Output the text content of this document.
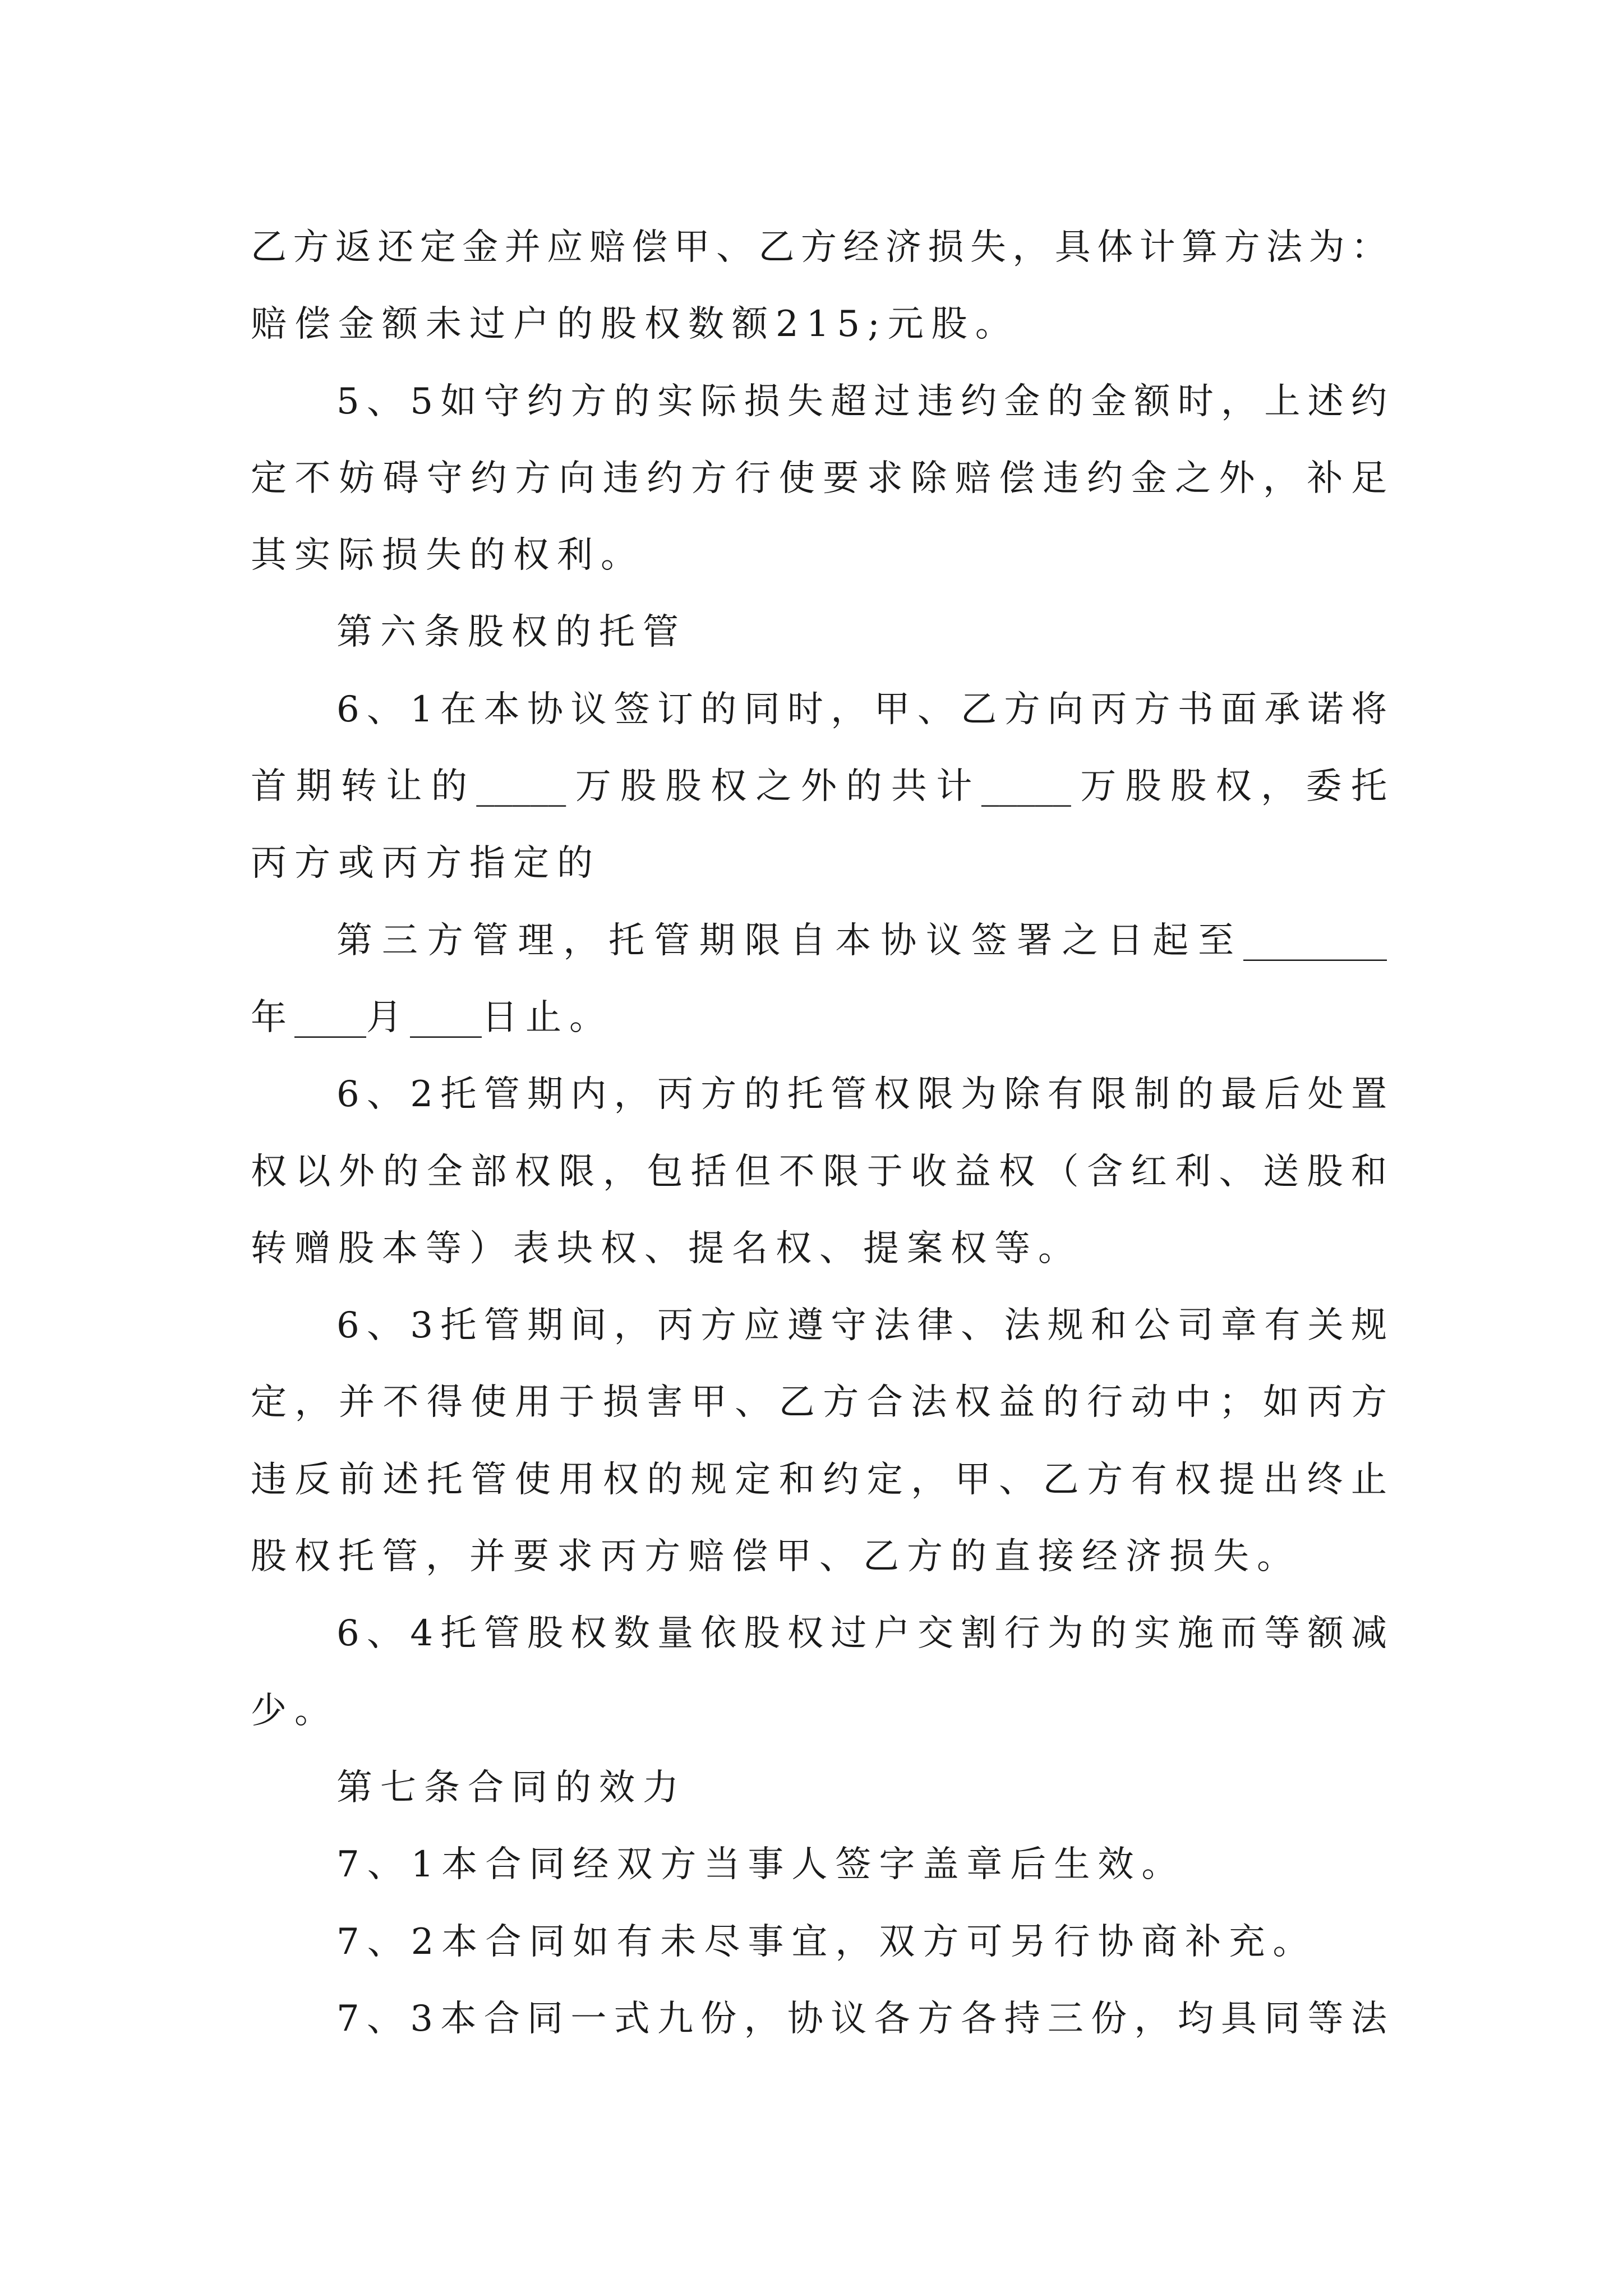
乙方返还定金并应赔偿甲、乙方经济损失，具体计算方法为：
赔偿金额未过户的股权数额215;元股。
5、5如守约方的实际损失超过违约金的金额时，上述约
定不妨碍守约方向违约方行使要求除赔偿违约金之外，补足
其实际损失的权利。
第六条股权的托管
6、1在本协议签订的同时，甲、乙方向丙方书面承诺将
首期转让的_____万股股权之外的共计_____万股股权，委托
丙方或丙方指定的
第三方管理，托管期限自本协议签署之日起至________
年____月____日止。
6、2托管期内，丙方的托管权限为除有限制的最后处置
权以外的全部权限，包括但不限于收益权（含红利、送股和
转赠股本等）表块权、提名权、提案权等。
6、3托管期间，丙方应遵守法律、法规和公司章有关规
定，并不得使用于损害甲、乙方合法权益的行动中；如丙方
违反前述托管使用权的规定和约定，甲、乙方有权提出终止
股权托管，并要求丙方赔偿甲、乙方的直接经济损失。
6、4托管股权数量依股权过户交割行为的实施而等额减
少。
第七条合同的效力
7、1本合同经双方当事人签字盖章后生效。
7、2本合同如有未尽事宜，双方可另行协商补充。
7、3本合同一式九份，协议各方各持三份，均具同等法
